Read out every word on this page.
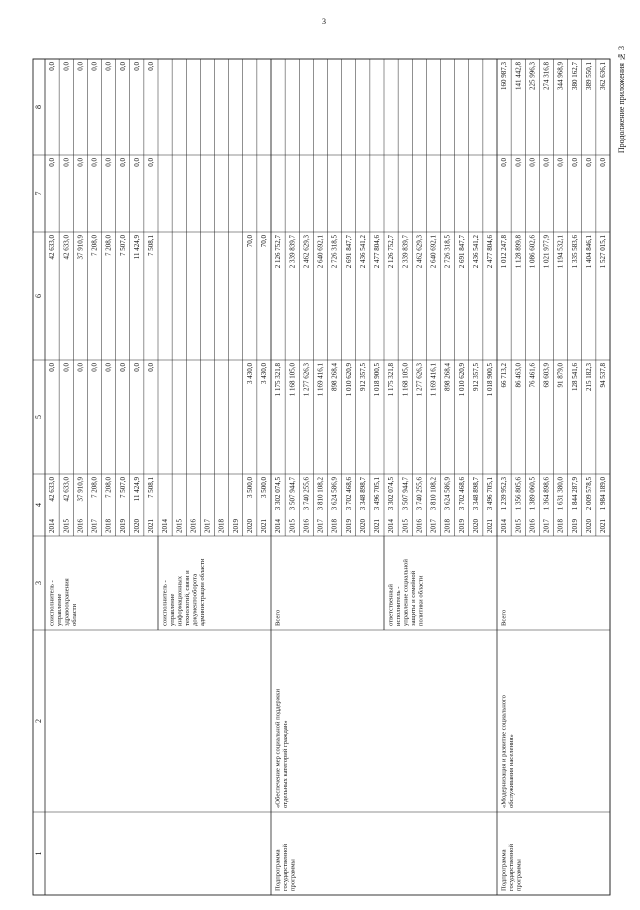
3
Продолжение приложения № 3
1
2
3
4
5
6
7
8
соисполнитель - управление здравоохранения области
2014
42 633,0
0,0
42 633,0
0,0
0,0
2015
42 633,0
0,0
42 633,0
0,0
0,0
2016
37 910,9
0,0
37 910,9
0,0
0,0
2017
7 208,0
0,0
7 208,0
0,0
0,0
2018
7 208,0
0,0
7 208,0
0,0
0,0
2019
7 507,0
0,0
7 507,0
0,0
0,0
2020
11 424,9
0,0
11 424,9
0,0
0,0
2021
7 508,1
0,0
7 508,1
0,0
0,0
соисполнитель - управление информационных технологий, связи и документооборота администрации области
2014 2015 2016 2017 2018 2019 2020
3 500,0
3 430,0
70,0
2021
3 500,0
3 430,0
70,0
Подпрограмма государственной программы
«Обеспечение мер социальной поддержки отдельных категорий граждан»
Всего
2014
3 302 074,5
1 175 321,8
2 126 752,7
2015
3 507 944,7
1 168 105,0
2 339 839,7
2016
3 740 255,6
1 277 626,3
2 462 629,3
2017
3 810 108,2
1 169 416,1
2 640 692,1
2018
3 624 586,9
898 268,4
2 726 318,5
2019
3 702 468,6
1 010 620,9
2 691 847,7
2020
3 348 898,7
912 357,5
2 436 541,2
2021
3 496 705,1
1 018 900,5
2 477 804,6
ответственный исполнитель - управление социальной защиты и семейной политики области
2014
3 302 074,5
1 175 321,8
2 126 752,7
2015
3 507 944,7
1 168 105,0
2 339 839,7
2016
3 740 255,6
1 277 626,3
2 462 629,3
2017
3 810 108,2
1 169 416,1
2 640 692,1
2018
3 624 586,9
898 268,4
2 726 318,5
2019
3 702 468,6
1 010 620,9
2 691 847,7
2020
3 348 898,7
912 357,5
2 436 541,2
2021
3 496 705,1
1 018 900,5
2 477 804,6
Подпрограмма государственной программы
«Модернизация и развитие социального обслуживания населения»
Всего
2014
1 239 952,3
66 713,2
1 012 247,8
0,0
160 987,3
2015
1 356 805,6
86 463,0
1 128 899,8
0,0
141 442,8
2016
1 389 060,5
76 461,6
1 086 602,6
0,0
225 996,3
2017
1 364 898,6
68 603,9
1 021 977,9
0,0
274 316,8
2018
1 631 380,0
91 879,0
1 194 532,1
0,0
344 968,9
2019
1 844 287,9
128 541,6
1 335 583,6
0,0
380 162,7
2020
2 009 578,5
215 182,3
1 404 846,1
0,0
389 550,1
2021
1 984 189,0
94 537,8
1 527 015,1
0,0
362 636,1
